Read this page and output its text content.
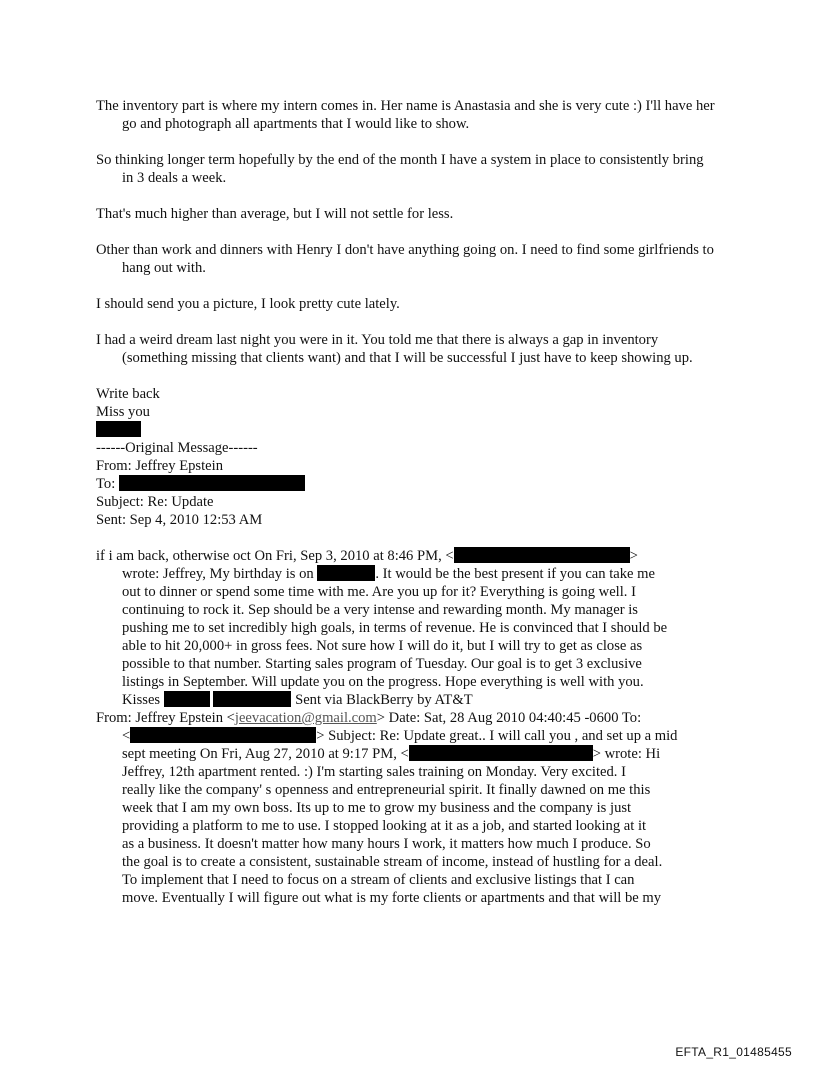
The inventory part is where my intern comes in. Her name is Anastasia and she is very cute :) I'll have her go and photograph all apartments that I would like to show.

So thinking longer term hopefully by the end of the month I have a system in place to consistently bring in 3 deals a week.

That's much higher than average, but I will not settle for less.

Other than work and dinners with Henry I don't have anything going on. I need to find some girlfriends to hang out with.

I should send you a picture, I look pretty cute lately.

I had a weird dream last night you were in it. You told me that there is always a gap in inventory (something missing that clients want) and that I will be successful I just have to keep showing up.

Write back
Miss you
------Original Message------
From: Jeffrey Epstein
To:
Subject: Re: Update
Sent: Sep 4, 2010 12:53 AM
if i am back, otherwise oct On Fri, Sep 3, 2010 at 8:46 PM, <	>
wrote: Jeffrey, My birthday is on	. It would be the best present if you can take me
out to dinner or spend some time with me. Are you up for it? Everything is going well. I
continuing to rock it. Sep should be a very intense and rewarding month. My manager is
pushing me to set incredibly high goals, in terms of revenue. He is convinced that I should be
able to hit 20,000+ in gross fees. Not sure how I will do it, but I will try to get as close as
possible to that number. Starting sales program of Tuesday. Our goal is to get 3 exclusive
listings in September. Will update you on the progress. Hope everything is well with you.
Kisses	Sent via BlackBerry by AT&T
From: Jeffrey Epstein <jeevacation@gmail.com> Date: Sat, 28 Aug 2010 04:40:45 -0600 To:
<	> Subject: Re: Update great.. I will call you , and set up a mid
sept meeting On Fri, Aug 27, 2010 at 9:17 PM, <	> wrote: Hi
Jeffrey, 12th apartment rented. :) I'm starting sales training on Monday. Very excited. I
really like the company' s openness and entrepreneurial spirit. It finally dawned on me this
week that I am my own boss. Its up to me to grow my business and the company is just
providing a platform to me to use. I stopped looking at it as a job, and started looking at it
as a business. It doesn't matter how many hours I work, it matters how much I produce. So
the goal is to create a consistent, sustainable stream of income, instead of hustling for a deal.
To implement that I need to focus on a stream of clients and exclusive listings that I can
move. Eventually I will figure out what is my forte clients or apartments and that will be my
EFTA_R1_01485455
